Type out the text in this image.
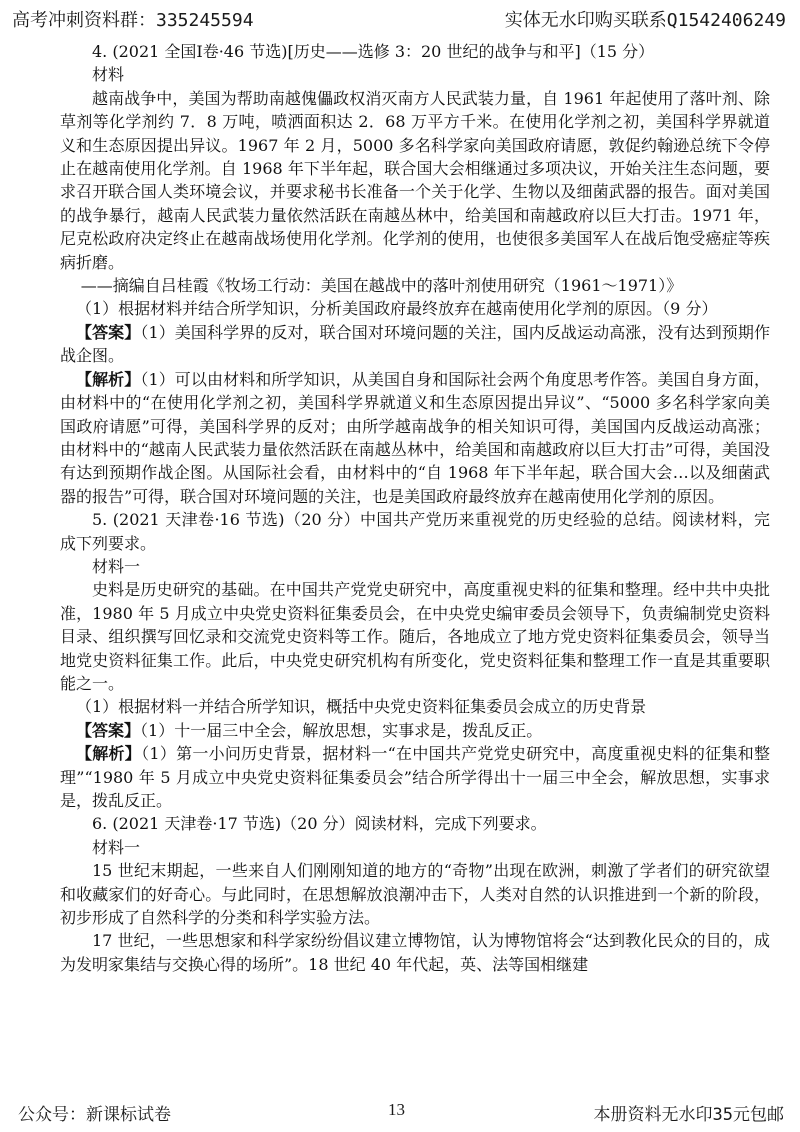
高考冲刺资料群：335245594	实体无水印购买联系Q1542406249

4. (2021 全国Ⅰ卷·46 节选)[历史——选修 3：20 世纪的战争与和平]（15 分）

材料

越南战争中，美国为帮助南越傀儡政权消灭南方人民武装力量，自 1961 年起使用了落叶剂、除草剂等化学剂约 7．8 万吨，喷洒面积达 2．68 万平方千米。在使用化学剂之初，美国科学界就道义和生态原因提出异议。1967 年 2 月，5000 多名科学家向美国政府请愿，敦促约翰逊总统下令停止在越南使用化学剂。自 1968 年下半年起，联合国大会相继通过多项决议，开始关注生态问题，要求召开联合国人类环境会议，并要求秘书长准备一个关于化学、生物以及细菌武器的报告。面对美国的战争暴行，越南人民武装力量依然活跃在南越丛林中，给美国和南越政府以巨大打击。1971 年，尼克松政府决定终止在越南战场使用化学剂。化学剂的使用，也使很多美国军人在战后饱受癌症等疾病折磨。

——摘编自吕桂霞《牧场工行动：美国在越战中的落叶剂使用研究（1961～1971）》

（1）根据材料并结合所学知识，分析美国政府最终放弃在越南使用化学剂的原因。（9 分）

【答案】（1）美国科学界的反对，联合国对环境问题的关注，国内反战运动高涨，没有达到预期作战企图。

【解析】（1）可以由材料和所学知识，从美国自身和国际社会两个角度思考作答。美国自身方面，由材料中的“在使用化学剂之初，美国科学界就道义和生态原因提出异议”、“5000 多名科学家向美国政府请愿”可得，美国科学界的反对；由所学越南战争的相关知识可得，美国国内反战运动高涨；由材料中的“越南人民武装力量依然活跃在南越丛林中，给美国和南越政府以巨大打击”可得，美国没有达到预期作战企图。从国际社会看，由材料中的“自 1968 年下半年起，联合国大会…以及细菌武器的报告”可得，联合国对环境问题的关注，也是美国政府最终放弃在越南使用化学剂的原因。

5. (2021 天津卷·16 节选)（20 分）中国共产党历来重视党的历史经验的总结。阅读材料，完成下列要求。

材料一

史料是历史研究的基础。在中国共产党党史研究中，高度重视史料的征集和整理。经中共中央批准，1980 年 5 月成立中央党史资料征集委员会，在中央党史编审委员会领导下，负责编制党史资料目录、组织撰写回忆录和交流党史资料等工作。随后，各地成立了地方党史资料征集委员会，领导当地党史资料征集工作。此后，中央党史研究机构有所变化，党史资料征集和整理工作一直是其重要职能之一。

（1）根据材料一并结合所学知识，概括中央党史资料征集委员会成立的历史背景

【答案】（1）十一届三中全会，解放思想，实事求是，拨乱反正。

【解析】（1）第一小问历史背景，据材料一“在中国共产党党史研究中，高度重视史料的征集和整理”“1980 年 5 月成立中央党史资料征集委员会”结合所学得出十一届三中全会，解放思想，实事求是，拨乱反正。

6. (2021 天津卷·17 节选)（20 分）阅读材料，完成下列要求。

材料一

15 世纪末期起，一些来自人们刚刚知道的地方的“奇物”出现在欧洲，刺激了学者们的研究欲望和收藏家们的好奇心。与此同时，在思想解放浪潮冲击下，人类对自然的认识推进到一个新的阶段，初步形成了自然科学的分类和科学实验方法。

17 世纪，一些思想家和科学家纷纷倡议建立博物馆，认为博物馆将会“达到教化民众的目的，成为发明家集结与交换心得的场所”。18 世纪 40 年代起，英、法等国相继建

公众号：新课标试卷	13	本册资料无水印35元包邮
